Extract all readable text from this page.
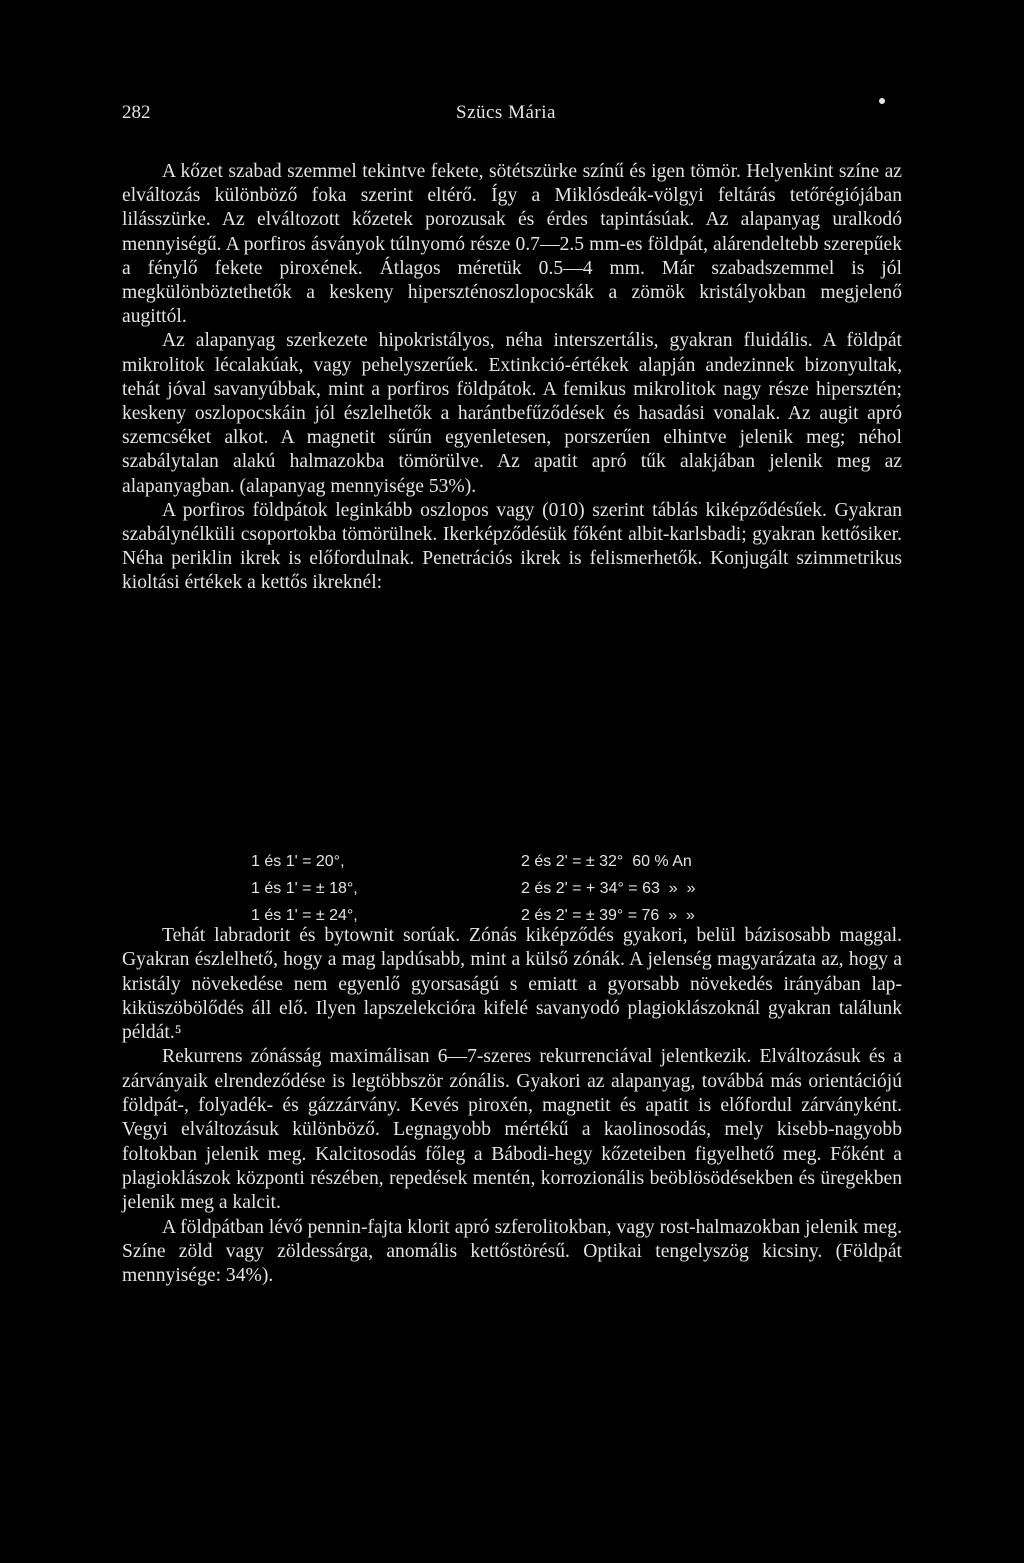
282	Szücs Mária

A kőzet szabad szemmel tekintve fekete, sötétszürke színű és igen tömör. Helyenkint színe az elváltozás különböző foka szerint eltérő. Így a Miklósdeák-völgyi feltárás tetőrégiójában lilásszürke. Az elváltozott kőzetek porozusak és érdes tapintásúak. Az alapanyag uralkodó mennyiségű. A porfiros ásványok túlnyomó része 0.7—2.5 mm-es földpát, alárendeltebb szerepűek a fénylő fekete piroxének. Átlagos méretük 0.5—4 mm. Már szabadszemmel is jól megkülönböztethetők a keskeny hiperszténoszlopocskák a zömök kristályokban megjelenő augittól.

Az alapanyag szerkezete hipokristályos, néha interszertális, gyakran fluidális. A földpát mikrolitok lécalakúak, vagy pehelyszerűek. Extinkció-értékek alapján andezinnek bizonyultak, tehát jóval savanyúbbak, mint a porfiros földpátok. A femikus mikrolitok nagy része hipersztén; keskeny oszlopocskáin jól észlelhetők a harántbefűződések és hasadási vonalak. Az augit apró szemcséket alkot. A magnetit sűrűn egyenletesen, porszerűen elhintve jelenik meg; néhol szabálytalan alakú halmazokba tömörülve. Az apatit apró tűk alakjában jelenik meg az alapanyagban. (alapanyag mennyisége 53%).

A porfiros földpátok leginkább oszlopos vagy (010) szerint táblás kiképződésűek. Gyakran szabálynélküli csoportokba tömörülnek. Ikerképződésük főként albit-karlsbadi; gyakran kettősiker. Néha periklin ikrek is előfordulnak. Penetrációs ikrek is felismerhetők. Konjugált szimmetrikus kioltási értékek a kettős ikreknél:

1 és 1' = 20°,	2 és 2' = ± 32°  60 % An
1 és 1' = ± 18°,	2 és 2' = + 34° = 63  »  »
1 és 1' = ± 24°,	2 és 2' = ± 39° = 76  »  »

Tehát labradorit és bytownit sorúak. Zónás kiképződés gyakori, belül bázisosabb maggal. Gyakran észlelhető, hogy a mag lapdúsabb, mint a külső zónák. A jelenség magyarázata az, hogy a kristály növekedése nem egyenlő gyorsaságú s emiatt a gyorsabb növekedés irányában lap-kiküszöbölődés áll elő. Ilyen lapszelekcióra kifelé savanyodó plagioklászoknál gyakran találunk példát.⁵

Rekurrens zónásság maximálisan 6—7-szeres rekurrenciával jelentkezik. Elváltozásuk és a zárványaik elrendeződése is legtöbbször zónális. Gyakori az alapanyag, továbbá más orientációjú földpát-, folyadék- és gázzárvány. Kevés piroxén, magnetit és apatit is előfordul zárványként. Vegyi elváltozásuk különböző. Legnagyobb mértékű a kaolinosodás, mely kisebb-nagyobb foltokban jelenik meg. Kalcitosodás főleg a Bábodi-hegy kőzeteiben figyelhető meg. Főként a plagioklászok központi részében, repedések mentén, korrozionális beöblösödésekben és üregekben jelenik meg a kalcit.

A földpátban lévő pennin-fajta klorit apró szferolitokban, vagy rost-halmazokban jelenik meg. Színe zöld vagy zöldessárga, anomális kettőstörésű. Optikai tengelyszög kicsiny. (Földpát mennyisége: 34%).
